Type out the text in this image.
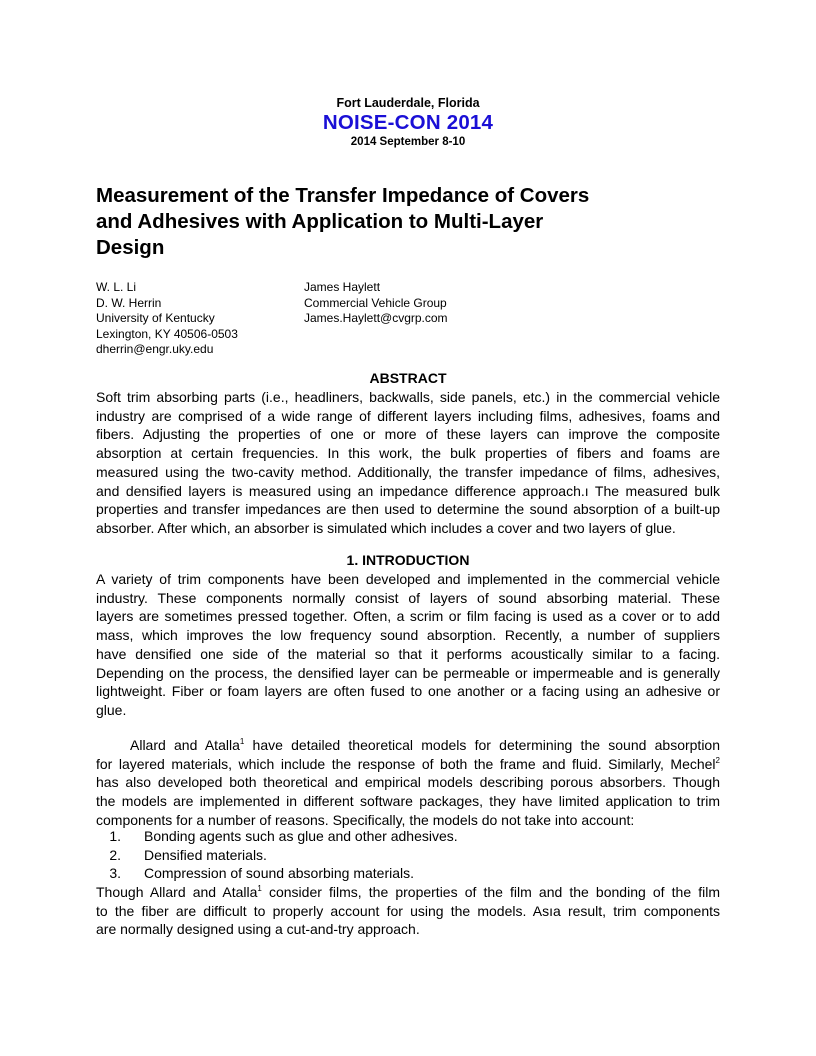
Fort Lauderdale, Florida
NOISE-CON 2014
2014 September 8-10
Measurement of the Transfer Impedance of Covers
and Adhesives with Application to Multi-Layer
Design
W. L. Li
D. W. Herrin
University of Kentucky
Lexington, KY 40506-0503
dherrin@engr.uky.edu
James Haylett
Commercial Vehicle Group
James.Haylett@cvgrp.com
ABSTRACT
Soft trim absorbing parts (i.e., headliners, backwalls, side panels, etc.) in the commercial vehicle
industry are comprised of a wide range of different layers including films, adhesives, foams and
fibers. Adjusting the properties of one or more of these layers can improve the composite
absorption at certain frequencies. In this work, the bulk properties of fibers and foams are
measured using the two-cavity method. Additionally, the transfer impedance of films, adhesives,
and densified layers is measured using an impedance difference approach.ı The measured bulk
properties and transfer impedances are then used to determine the sound absorption of a built-up
absorber. After which, an absorber is simulated which includes a cover and two layers of glue.
1. INTRODUCTION
A variety of trim components have been developed and implemented in the commercial vehicle
industry. These components normally consist of layers of sound absorbing material. These
layers are sometimes pressed together. Often, a scrim or film facing is used as a cover or to add
mass, which improves the low frequency sound absorption. Recently, a number of suppliers
have densified one side of the material so that it performs acoustically similar to a facing.
Depending on the process, the densified layer can be permeable or impermeable and is generally
lightweight. Fiber or foam layers are often fused to one another or a facing using an adhesive or
glue.
Allard and Atalla$^1$ have detailed theoretical models for determining the sound absorption
for layered materials, which include the response of both the frame and fluid. Similarly, Mechel$^2$
has also developed both theoretical and empirical models describing porous absorbers. Though
the models are implemented in different software packages, they have limited application to trim
components for a number of reasons. Specifically, the models do not take into account:
1. Bonding agents such as glue and other adhesives.
2. Densified materials.
3. Compression of sound absorbing materials.
Though Allard and Atalla$^1$ consider films, the properties of the film and the bonding of the film
to the fiber are difficult to properly account for using the models. Asıa result, trim components
are normally designed using a cut-and-try approach.
